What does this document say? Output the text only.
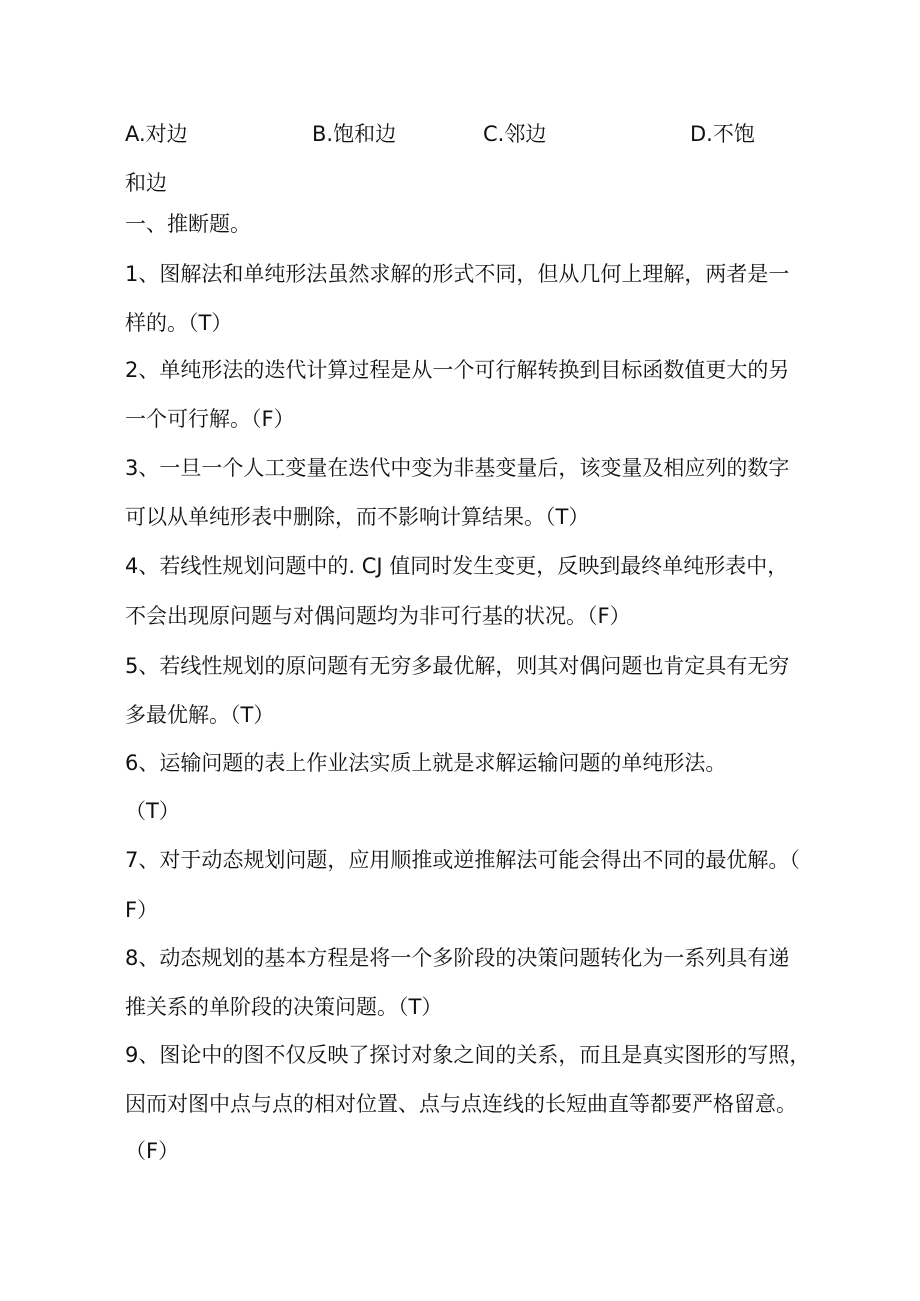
A.对边	B.饱和边	C.邻边	D.不饱
和边
一、推断题。
1、图解法和单纯形法虽然求解的形式不同，但从几何上理解，两者是一
样的。（T）
2、单纯形法的迭代计算过程是从一个可行解转换到目标函数值更大的另
一个可行解。（F）
3、一旦一个人工变量在迭代中变为非基变量后，该变量及相应列的数字
可以从单纯形表中删除，而不影响计算结果。（T）
4、若线性规划问题中的. CJ 值同时发生变更，反映到最终单纯形表中，
不会出现原问题与对偶问题均为非可行基的状况。（F）
5、若线性规划的原问题有无穷多最优解，则其对偶问题也肯定具有无穷
多最优解。（T）
6、运输问题的表上作业法实质上就是求解运输问题的单纯形法。
（T）
7、对于动态规划问题，应用顺推或逆推解法可能会得出不同的最优解。（
F）
8、动态规划的基本方程是将一个多阶段的决策问题转化为一系列具有递
推关系的单阶段的决策问题。（T）
9、图论中的图不仅反映了探讨对象之间的关系，而且是真实图形的写照，
因而对图中点与点的相对位置、点与点连线的长短曲直等都要严格留意。
（F）
